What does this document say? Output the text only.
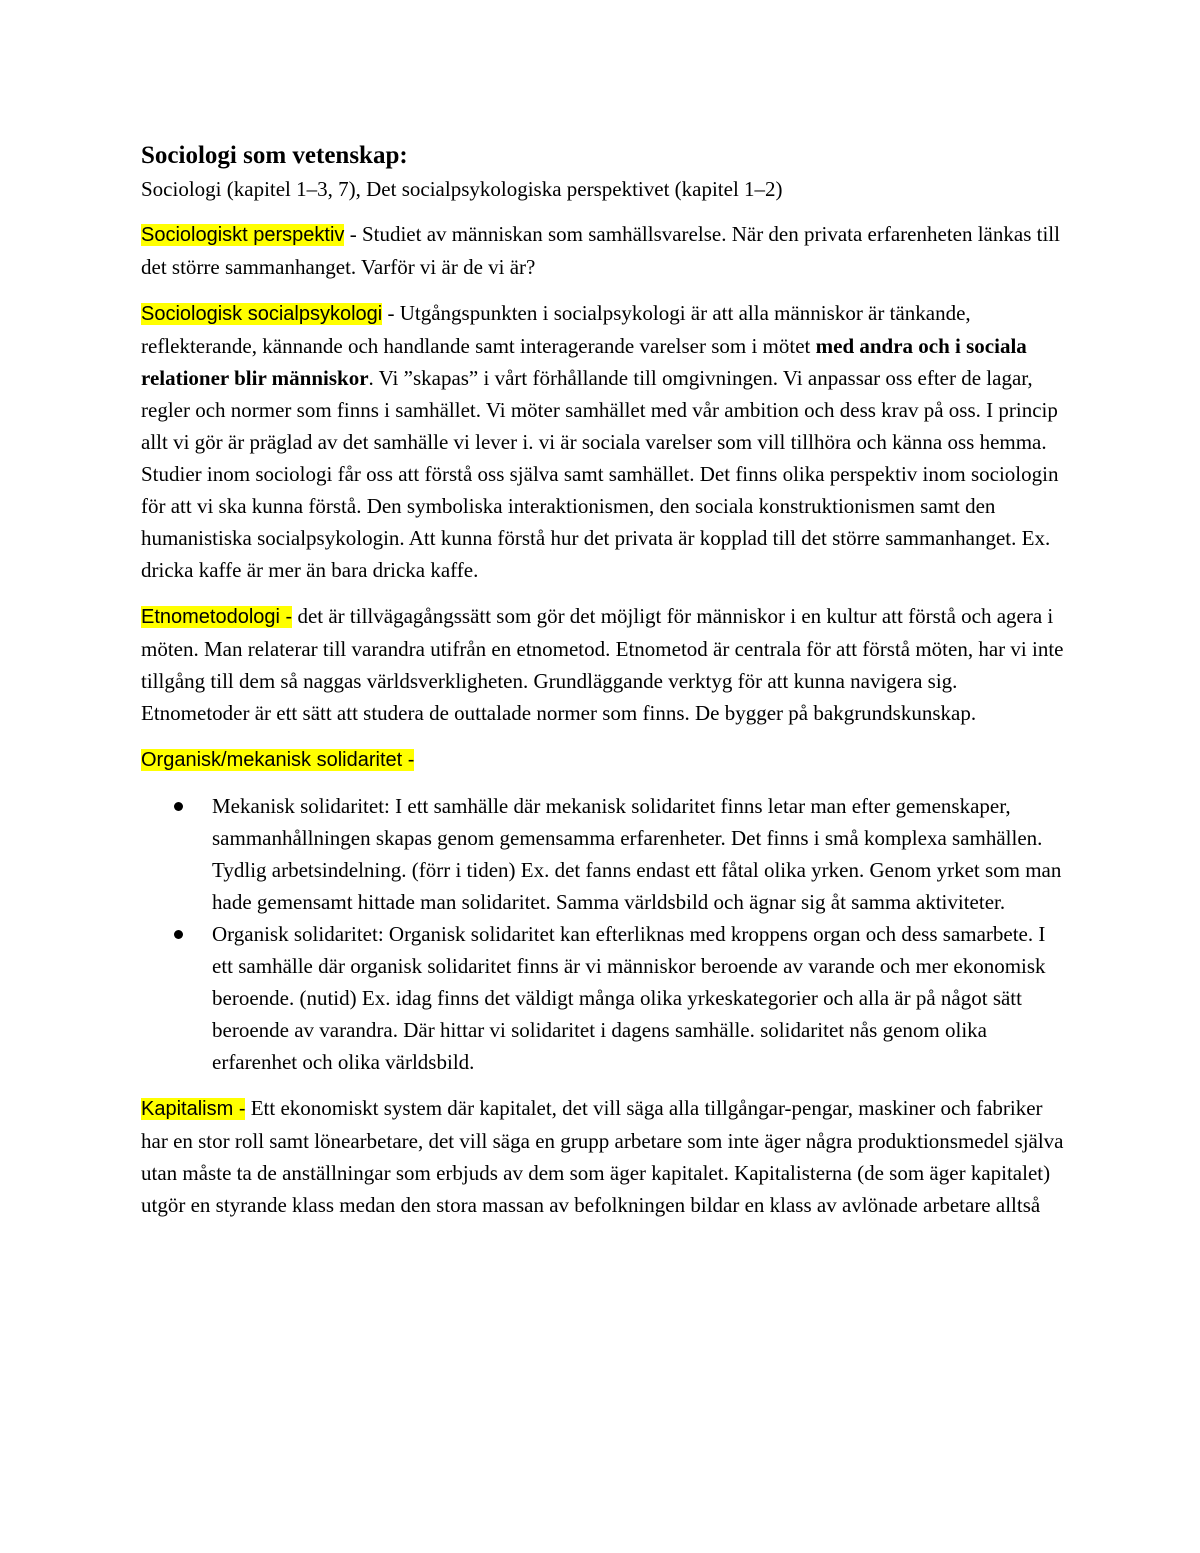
Sociologi som vetenskap:

Sociologi (kapitel 1–3, 7), Det socialpsykologiska perspektivet (kapitel 1–2)

Sociologiskt perspektiv - Studiet av människan som samhällsvarelse. När den privata erfarenheten länkas till det större sammanhanget. Varför vi är de vi är?

Sociologisk socialpsykologi - Utgångspunkten i socialpsykologi är att alla människor är tänkande, reflekterande, kännande och handlande samt interagerande varelser som i mötet med andra och i sociala relationer blir människor. Vi ”skapas” i vårt förhållande till omgivningen. Vi anpassar oss efter de lagar, regler och normer som finns i samhället. Vi möter samhället med vår ambition och dess krav på oss. I princip allt vi gör är präglad av det samhälle vi lever i. vi är sociala varelser som vill tillhöra och känna oss hemma. Studier inom sociologi får oss att förstå oss själva samt samhället. Det finns olika perspektiv inom sociologin för att vi ska kunna förstå. Den symboliska interaktionismen, den sociala konstruktionismen samt den humanistiska socialpsykologin. Att kunna förstå hur det privata är kopplad till det större sammanhanget. Ex. dricka kaffe är mer än bara dricka kaffe.

Etnometodologi - det är tillvägagångssätt som gör det möjligt för människor i en kultur att förstå och agera i möten. Man relaterar till varandra utifrån en etnometod. Etnometod är centrala för att förstå möten, har vi inte tillgång till dem så naggas världsverkligheten. Grundläggande verktyg för att kunna navigera sig. Etnometoder är ett sätt att studera de outtalade normer som finns. De bygger på bakgrundskunskap.

Organisk/mekanisk solidaritet -

Mekanisk solidaritet: I ett samhälle där mekanisk solidaritet finns letar man efter gemenskaper, sammanhållningen skapas genom gemensamma erfarenheter. Det finns i små komplexa samhällen. Tydlig arbetsindelning. (förr i tiden) Ex. det fanns endast ett fåtal olika yrken. Genom yrket som man hade gemensamt hittade man solidaritet. Samma världsbild och ägnar sig åt samma aktiviteter.
Organisk solidaritet: Organisk solidaritet kan efterliknas med kroppens organ och dess samarbete. I ett samhälle där organisk solidaritet finns är vi människor beroende av varande och mer ekonomisk beroende. (nutid) Ex. idag finns det väldigt många olika yrkeskategorier och alla är på något sätt beroende av varandra. Där hittar vi solidaritet i dagens samhälle. solidaritet nås genom olika erfarenhet och olika världsbild.

Kapitalism - Ett ekonomiskt system där kapitalet, det vill säga alla tillgångar-pengar, maskiner och fabriker har en stor roll samt lönearbetare, det vill säga en grupp arbetare som inte äger några produktionsmedel själva utan måste ta de anställningar som erbjuds av dem som äger kapitalet. Kapitalisterna (de som äger kapitalet) utgör en styrande klass medan den stora massan av befolkningen bildar en klass av avlönade arbetare alltså
